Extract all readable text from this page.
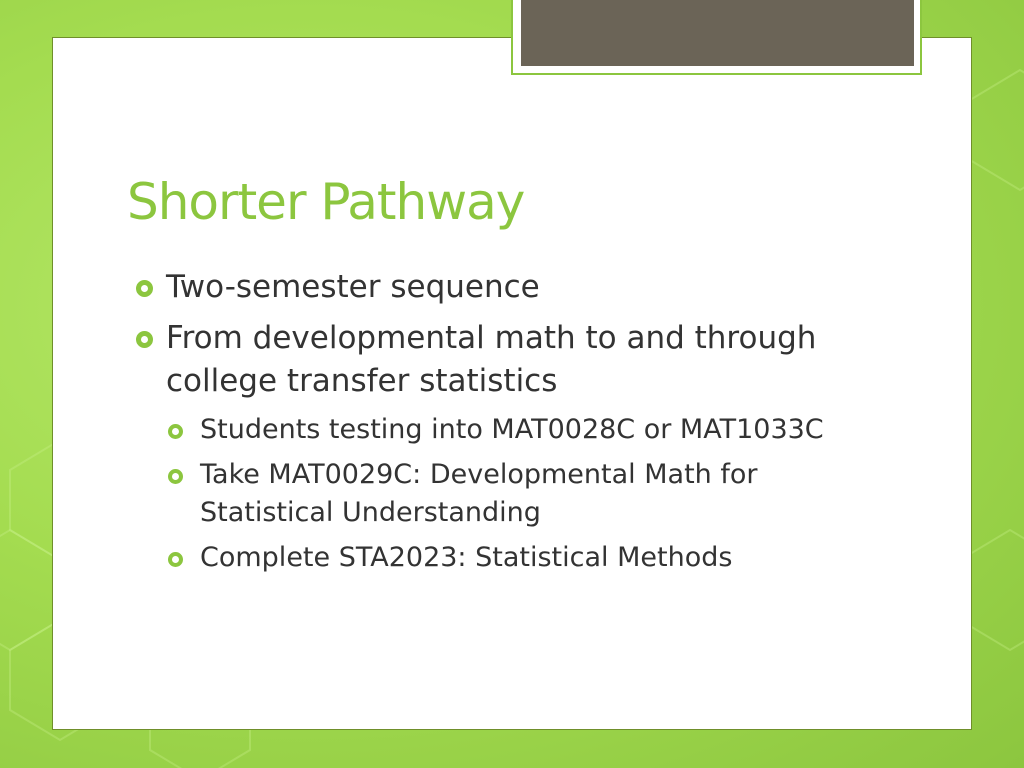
Shorter Pathway
Two-semester sequence
From developmental math to and through college transfer statistics
Students testing into MAT0028C or MAT1033C
Take MAT0029C: Developmental Math for Statistical Understanding
Complete STA2023: Statistical Methods
